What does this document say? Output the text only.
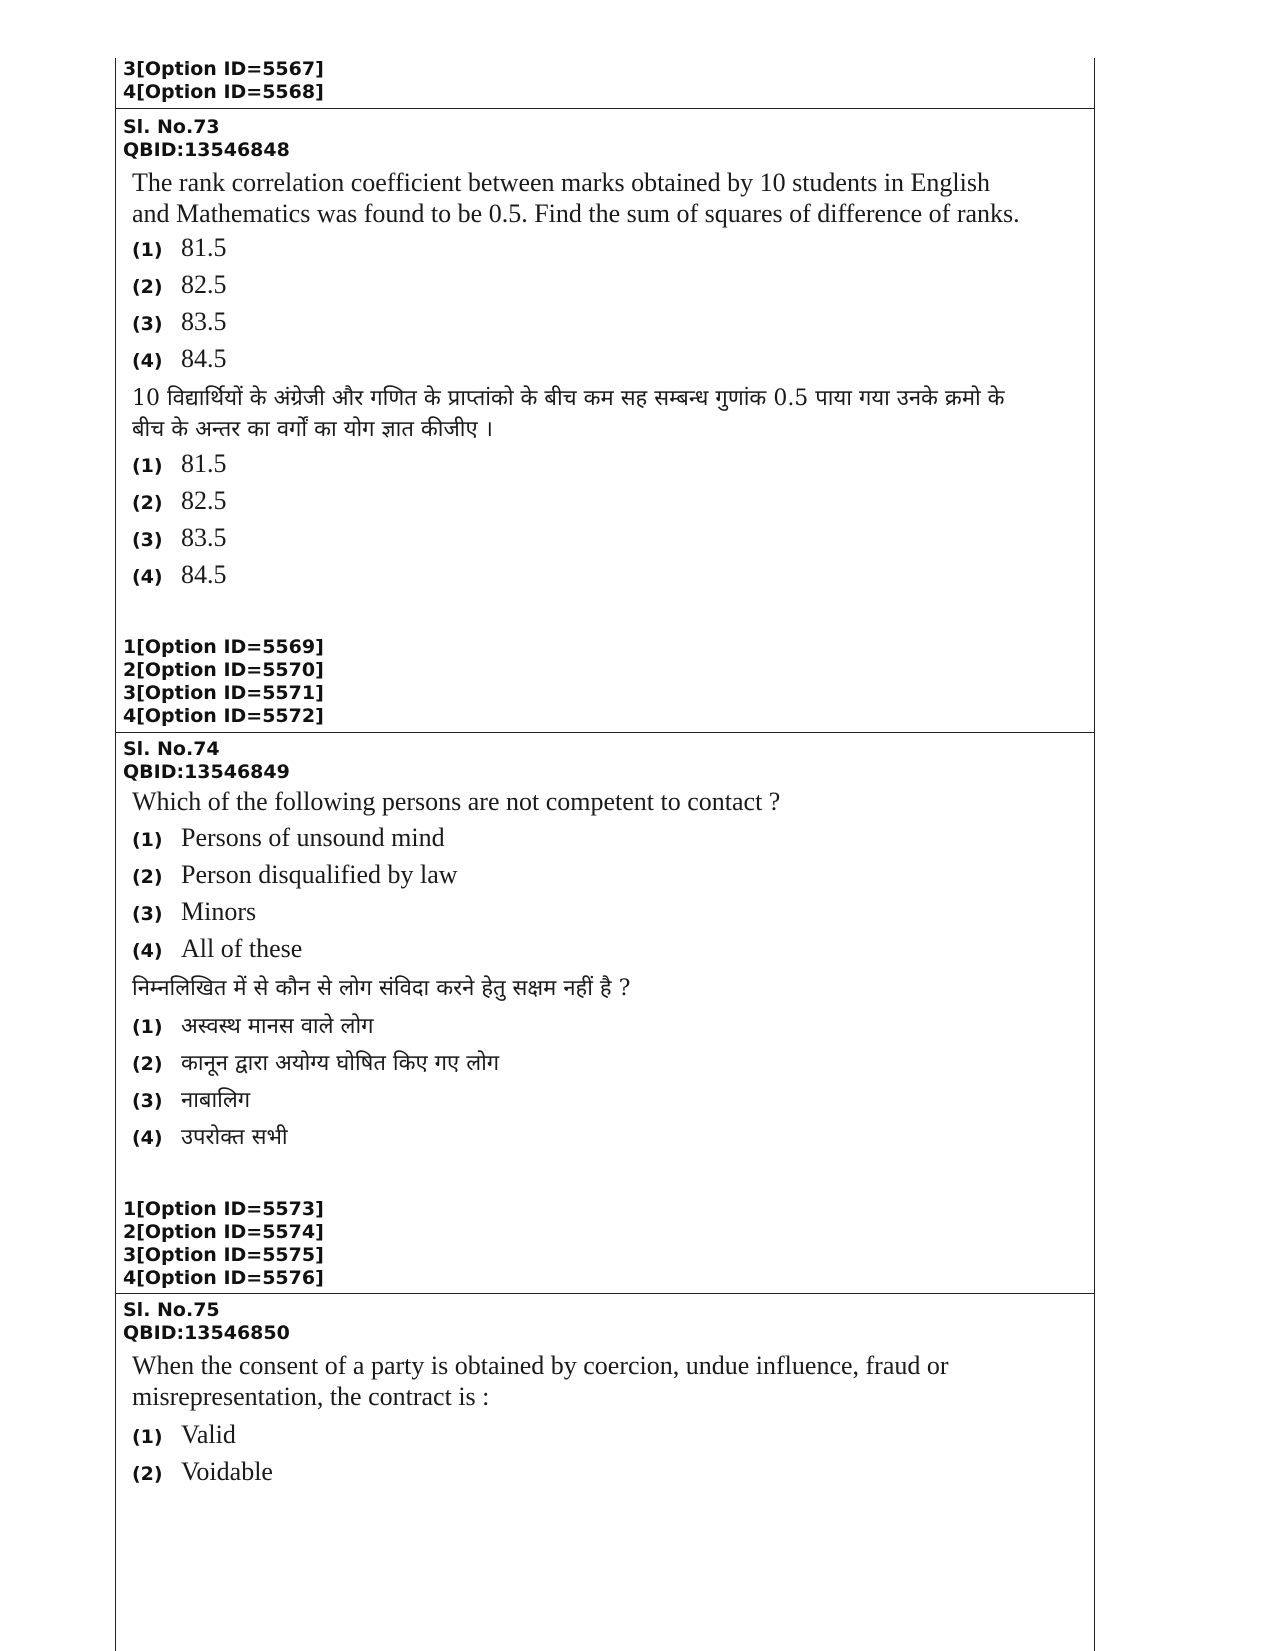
3[Option ID=5567]
4[Option ID=5568]
Sl. No.73
QBID:13546848
The rank correlation coefficient between marks obtained by 10 students in English and Mathematics was found to be 0.5. Find the sum of squares of difference of ranks.
(1) 81.5
(2) 82.5
(3) 83.5
(4) 84.5
10 विद्यार्थियों के अंग्रेजी और गणित के प्राप्तांको के बीच कम सह सम्बन्ध गुणांक 0.5 पाया गया उनके क्रमो के बीच के अन्तर का वर्गों का योग ज्ञात कीजीए ।
(1) 81.5
(2) 82.5
(3) 83.5
(4) 84.5
1[Option ID=5569]
2[Option ID=5570]
3[Option ID=5571]
4[Option ID=5572]
Sl. No.74
QBID:13546849
Which of the following persons are not competent to contact ?
(1) Persons of unsound mind
(2) Person disqualified by law
(3) Minors
(4) All of these
निम्नलिखित में से कौन से लोग संविदा करने हेतु सक्षम नहीं है ?
(1) अस्वस्थ मानस वाले लोग
(2) कानून द्वारा अयोग्य घोषित किए गए लोग
(3) नाबालिग
(4) उपरोक्त सभी
1[Option ID=5573]
2[Option ID=5574]
3[Option ID=5575]
4[Option ID=5576]
Sl. No.75
QBID:13546850
When the consent of a party is obtained by coercion, undue influence, fraud or misrepresentation, the contract is :
(1) Valid
(2) Voidable
